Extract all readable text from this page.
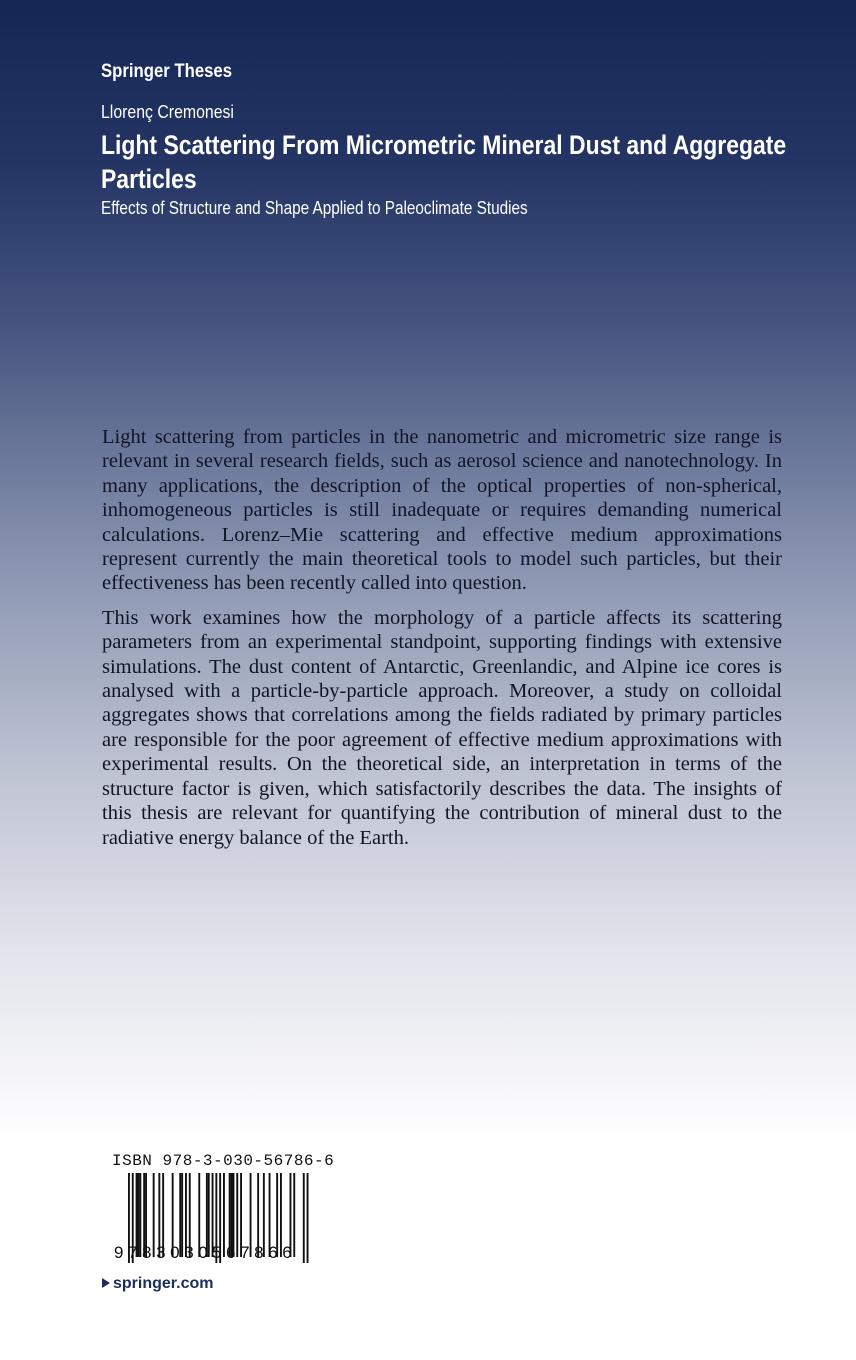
Springer Theses
Llorenç Cremonesi
Light Scattering From Micrometric Mineral Dust and Aggregate
Particles
Effects of Structure and Shape Applied to Paleoclimate Studies

Light scattering from particles in the nanometric and micrometric size range is relevant in several research fields, such as aerosol science and nanotechnology. In many applications, the description of the optical properties of non-spherical, inhomogeneous particles is still inadequate or requires demanding numerical calculations. Lorenz–Mie scattering and effective medium approximations represent currently the main theoretical tools to model such particles, but their effectiveness has been recently called into question.

This work examines how the morphology of a particle affects its scattering parameters from an experimental standpoint, supporting findings with extensive simulations. The dust content of Antarctic, Greenlandic, and Alpine ice cores is analysed with a particle-by-particle approach. Moreover, a study on colloidal aggregates shows that correlations among the fields radiated by primary particles are responsible for the poor agreement of effective medium approximations with experimental results. On the theoretical side, an interpretation in terms of the structure factor is given, which satisfactorily describes the data. The insights of this thesis are relevant for quantifying the contribution of mineral dust to the radiative energy balance of the Earth.

ISBN 978-3-030-56786-6
9 783030 567866
springer.com
